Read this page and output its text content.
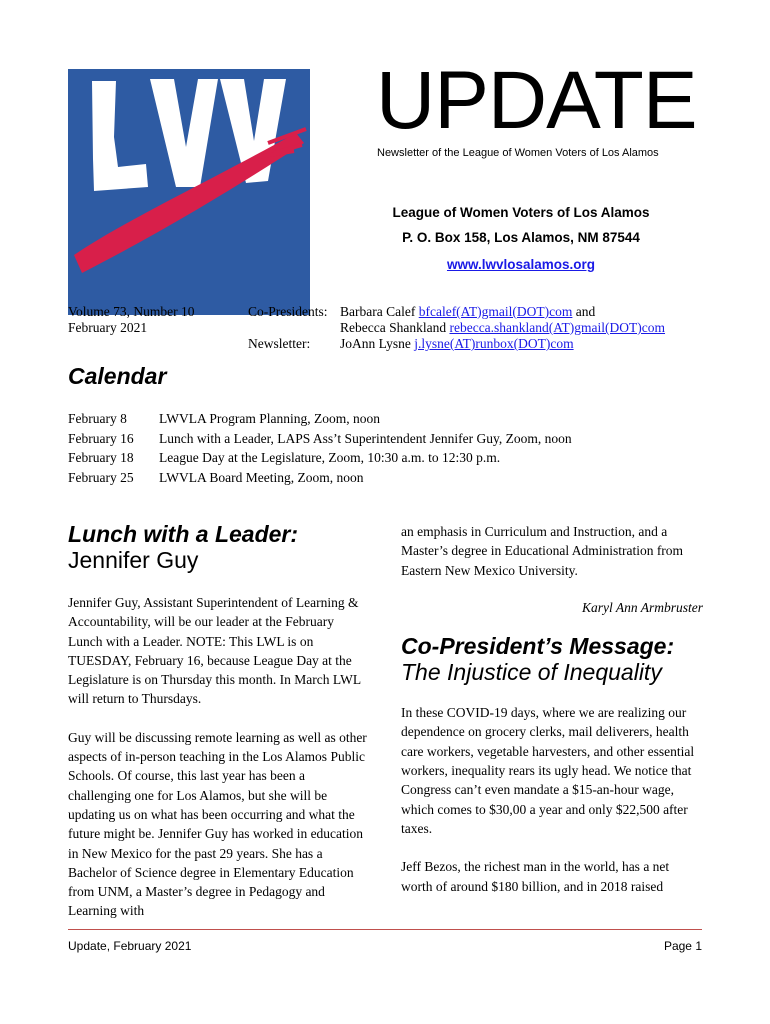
UPDATE
Newsletter of the League of Women Voters of Los Alamos
League of Women Voters of Los Alamos
P. O. Box 158, Los Alamos, NM 87544
www.lwvlosalamos.org
Volume 73, Number 10
February 2021
Co-Presidents: Barbara Calef bfcalef(AT)gmail(DOT)com and
Rebecca Shankland rebecca.shankland(AT)gmail(DOT)com
Newsletter:	JoAnn Lysne j.lysne(AT)runbox(DOT)com
Calendar
February 8	LWVLA Program Planning, Zoom, noon
February 16	Lunch with a Leader, LAPS Ass’t Superintendent Jennifer Guy, Zoom, noon
February 18	League Day at the Legislature, Zoom, 10:30 a.m. to 12:30 p.m.
February 25	LWVLA Board Meeting, Zoom, noon
Lunch with a Leader:
Jennifer Guy
Jennifer Guy, Assistant Superintendent of Learning & Accountability, will be our leader at the February Lunch with a Leader. NOTE: This LWL is on TUESDAY, February 16, because League Day at the Legislature is on Thursday this month. In March LWL will return to Thursdays.
Guy will be discussing remote learning as well as other aspects of in-person teaching in the Los Alamos Public Schools. Of course, this last year has been a challenging one for Los Alamos, but she will be updating us on what has been occurring and what the future might be. Jennifer Guy has worked in education in New Mexico for the past 29 years. She has a Bachelor of Science degree in Elementary Education from UNM, a Master’s degree in Pedagogy and Learning with
an emphasis in Curriculum and Instruction, and a Master’s degree in Educational Administration from Eastern New Mexico University.
Karyl Ann Armbruster
Co-President’s Message:
The Injustice of Inequality
In these COVID-19 days, where we are realizing our dependence on grocery clerks, mail deliverers, health care workers, vegetable harvesters, and other essential workers, inequality rears its ugly head. We notice that Congress can’t even mandate a $15-an-hour wage, which comes to $30,00 a year and only $22,500 after taxes.
Jeff Bezos, the richest man in the world, has a net worth of around $180 billion, and in 2018 raised
Update, February 2021	Page 1
